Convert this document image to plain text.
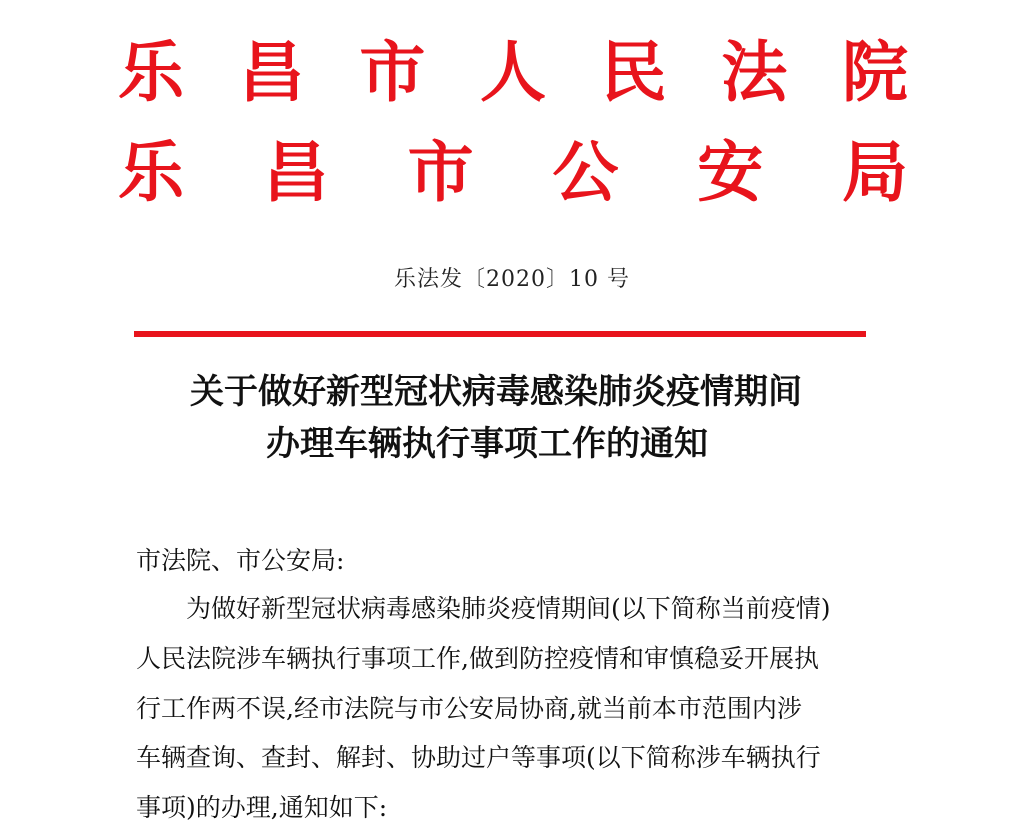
乐 昌 市 人 民 法 院
乐 昌 市 公 安 局
乐法发〔2020〕10 号
关于做好新型冠状病毒感染肺炎疫情期间
办理车辆执行事项工作的通知
市法院、市公安局:
为做好新型冠状病毒感染肺炎疫情期间(以下简称当前疫情)
人民法院涉车辆执行事项工作,做到防控疫情和审慎稳妥开展执
行工作两不误,经市法院与市公安局协商,就当前本市范围内涉
车辆查询、查封、解封、协助过户等事项(以下简称涉车辆执行
事项)的办理,通知如下:
